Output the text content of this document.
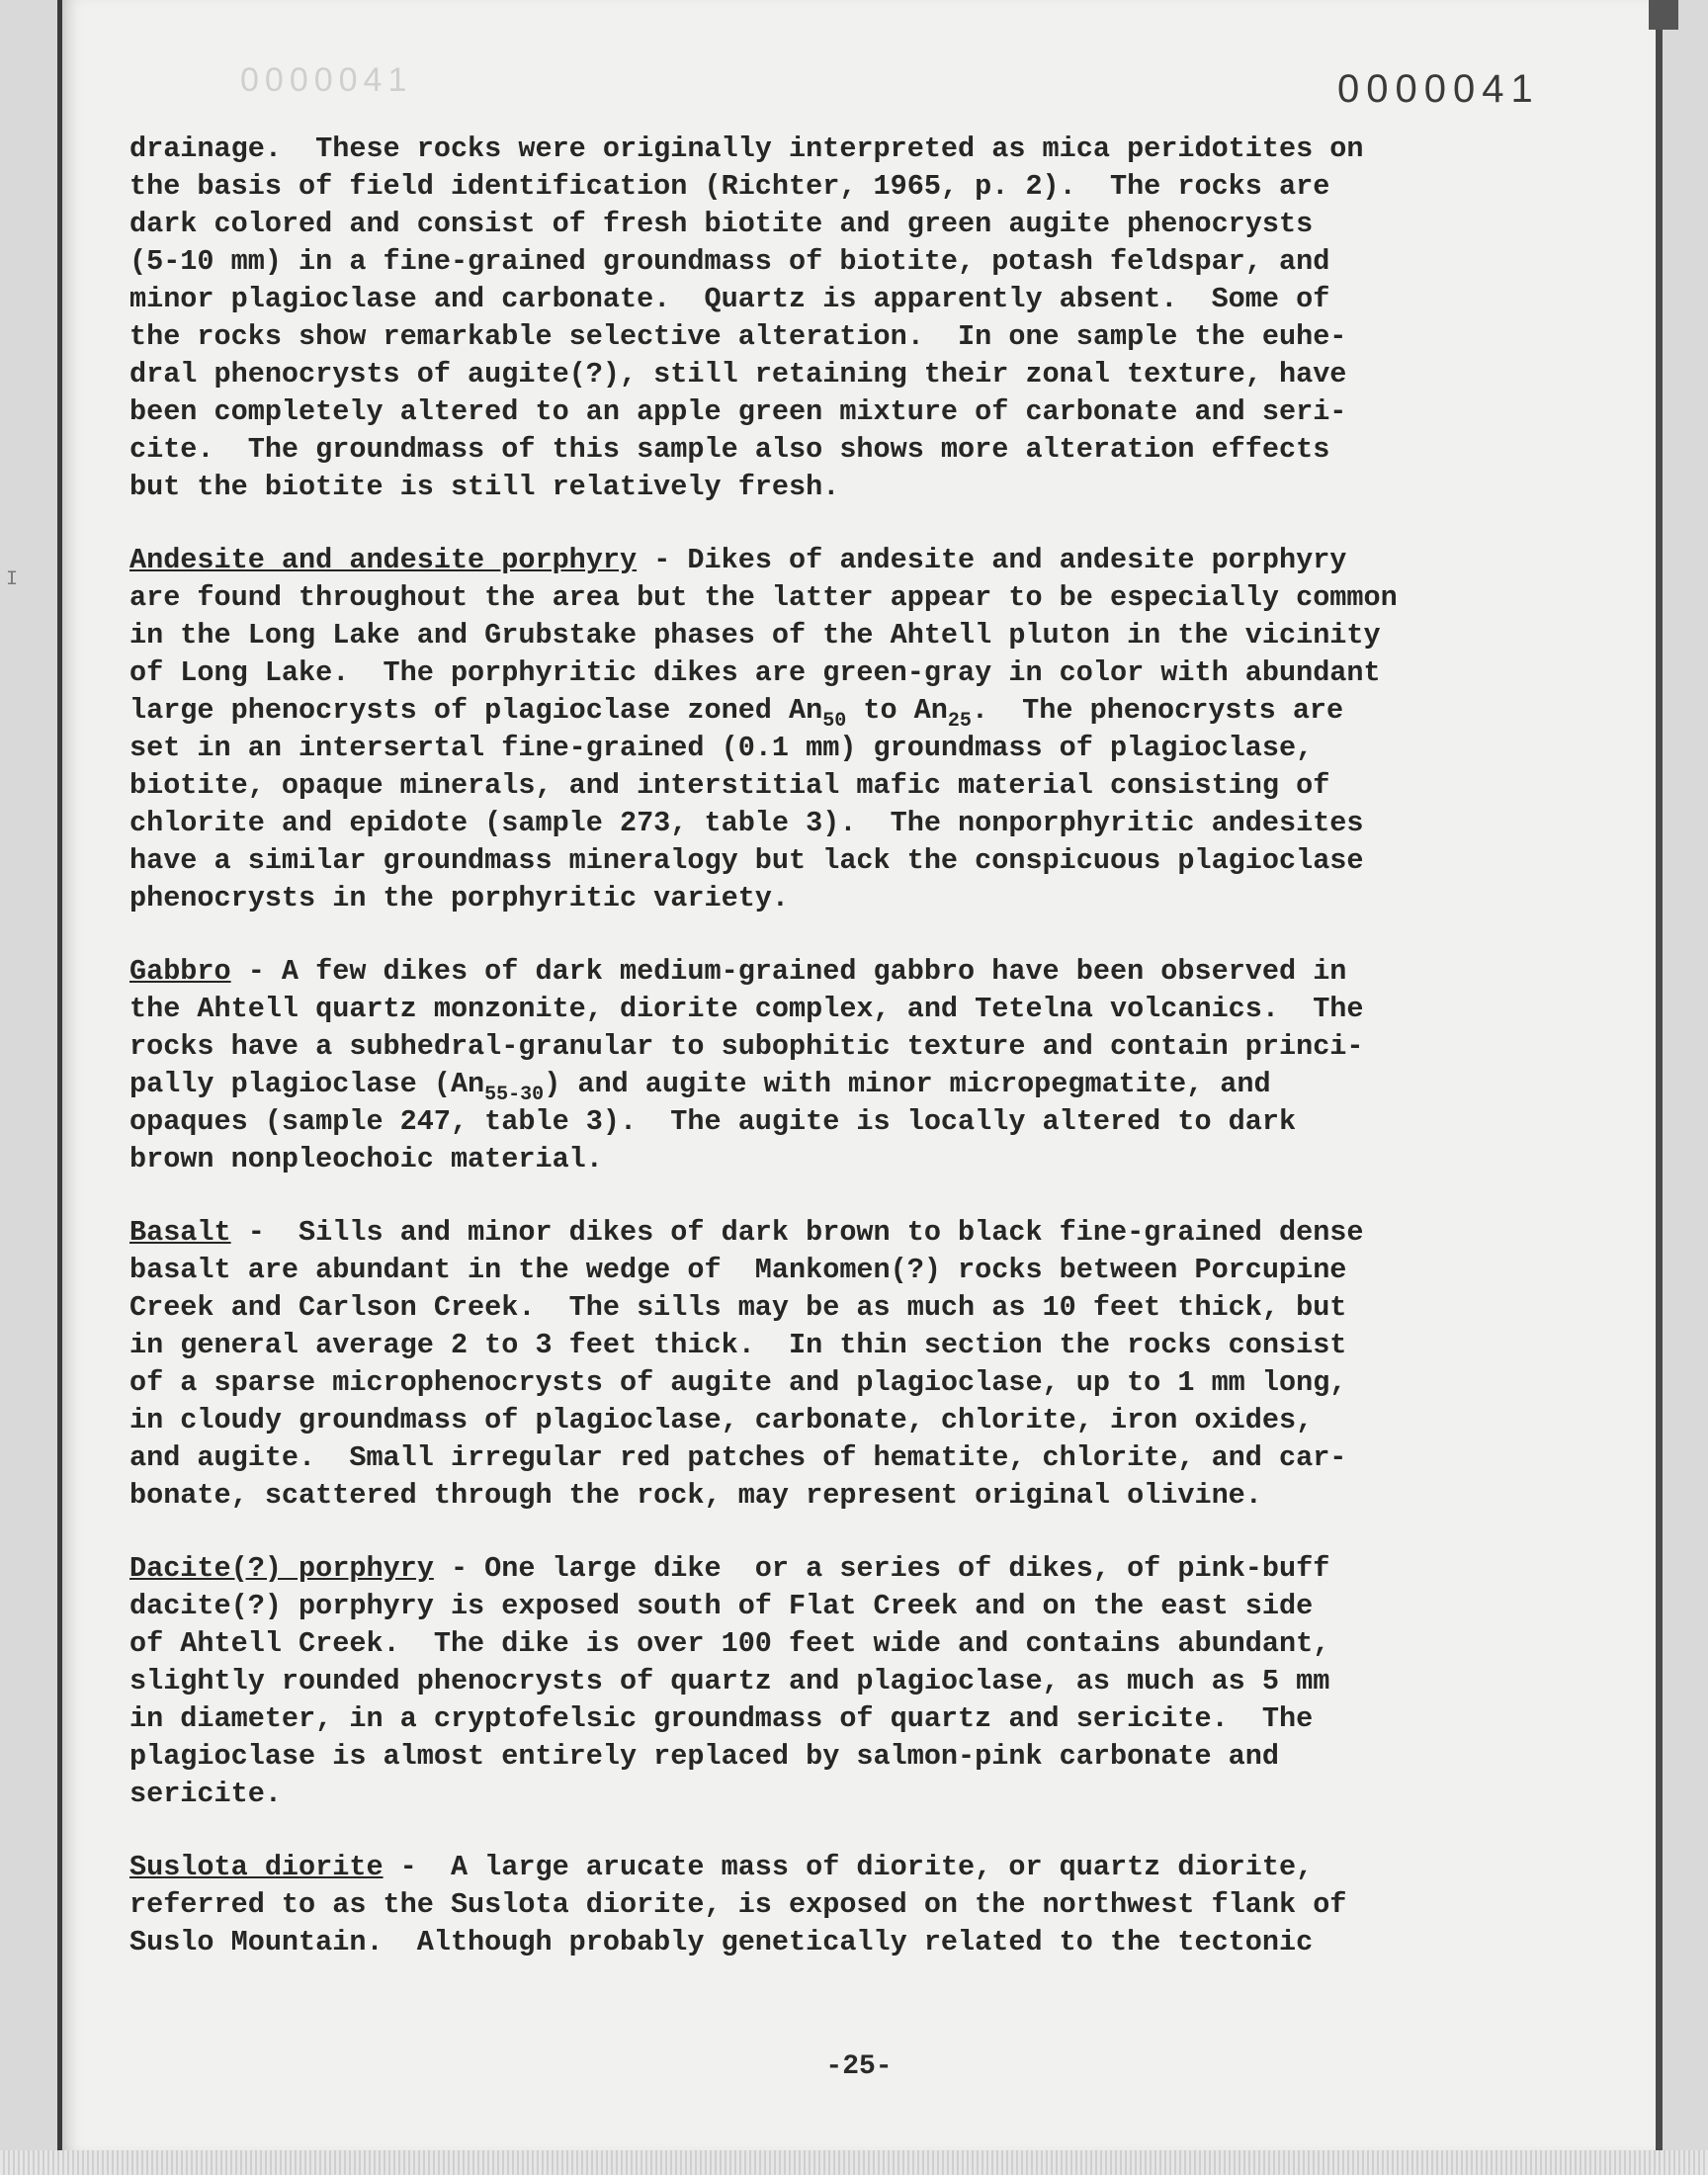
0000041	0000041
drainage.  These rocks were originally interpreted as mica peridotites on
the basis of field identification (Richter, 1965, p. 2).  The rocks are
dark colored and consist of fresh biotite and green augite phenocrysts
(5-10 mm) in a fine-grained groundmass of biotite, potash feldspar, and
minor plagioclase and carbonate.  Quartz is apparently absent.  Some of
the rocks show remarkable selective alteration.  In one sample the euhe-
dral phenocrysts of augite(?), still retaining their zonal texture, have
been completely altered to an apple green mixture of carbonate and seri-
cite.  The groundmass of this sample also shows more alteration effects
but the biotite is still relatively fresh.
Andesite and andesite porphyry - Dikes of andesite and andesite porphyry
are found throughout the area but the latter appear to be especially common
in the Long Lake and Grubstake phases of the Ahtell pluton in the vicinity
of Long Lake.  The porphyritic dikes are green-gray in color with abundant
large phenocrysts of plagioclase zoned $An_{50}$ to $An_{25}$.  The phenocrysts are
set in an intersertal fine-grained (0.1 mm) groundmass of plagioclase,
biotite, opaque minerals, and interstitial mafic material consisting of
chlorite and epidote (sample 273, table 3).  The nonporphyritic andesites
have a similar groundmass mineralogy but lack the conspicuous plagioclase
phenocrysts in the porphyritic variety.
Gabbro - A few dikes of dark medium-grained gabbro have been observed in
the Ahtell quartz monzonite, diorite complex, and Tetelna volcanics.  The
rocks have a subhedral-granular to subophitic texture and contain princi-
pally plagioclase $(An_{55-30})$ and augite with minor micropegmatite, and
opaques (sample 247, table 3).  The augite is locally altered to dark
brown nonpleochoic material.
Basalt -  Sills and minor dikes of dark brown to black fine-grained dense
basalt are abundant in the wedge of  Mankomen(?) rocks between Porcupine
Creek and Carlson Creek.  The sills may be as much as 10 feet thick, but
in general average 2 to 3 feet thick.  In thin section the rocks consist
of a sparse microphenocrysts of augite and plagioclase, up to 1 mm long,
in cloudy groundmass of plagioclase, carbonate, chlorite, iron oxides,
and augite.  Small irregular red patches of hematite, chlorite, and car-
bonate, scattered through the rock, may represent original olivine.
Dacite(?) porphyry - One large dike  or a series of dikes, of pink-buff
dacite(?) porphyry is exposed south of Flat Creek and on the east side
of Ahtell Creek.  The dike is over 100 feet wide and contains abundant,
slightly rounded phenocrysts of quartz and plagioclase, as much as 5 mm
in diameter, in a cryptofelsic groundmass of quartz and sericite.  The
plagioclase is almost entirely replaced by salmon-pink carbonate and
sericite.
Suslota diorite -  A large arucate mass of diorite, or quartz diorite,
referred to as the Suslota diorite, is exposed on the northwest flank of
Suslo Mountain.  Although probably genetically related to the tectonic
-25-
I
